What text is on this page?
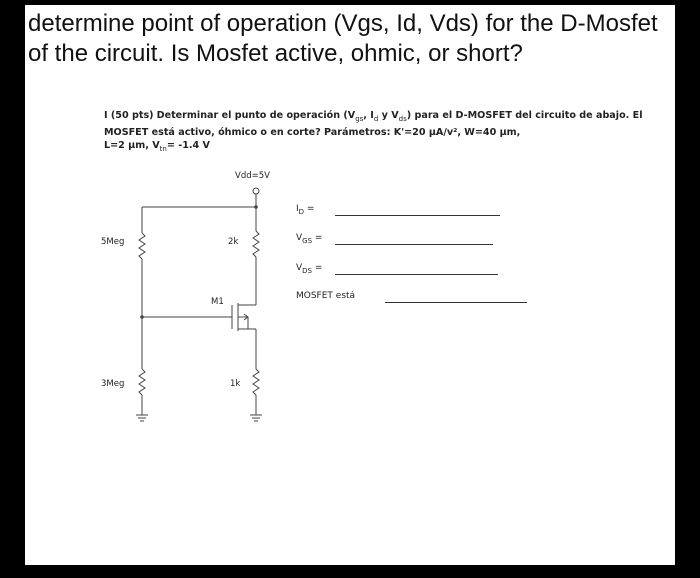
determine point of operation (Vgs, Id, Vds) for the D-Mosfet of the circuit. Is Mosfet active, ohmic, or short?
I (50 pts) Determinar el punto de operación ($V_{gs}$, $I_d$ y $V_{ds}$) para el D-MOSFET del circuito de abajo. El MOSFET está activo, óhmico o en corte? Parámetros: K'=20 μA/v², W=40 μm,
L=2 μm, $V_{tn}= -1.4$ V
Vdd=5V
5Meg
3Meg
2k
1k
M1
$I_D$ =
$V_{GS}$ =
$V_{DS}$ =
MOSFET está
